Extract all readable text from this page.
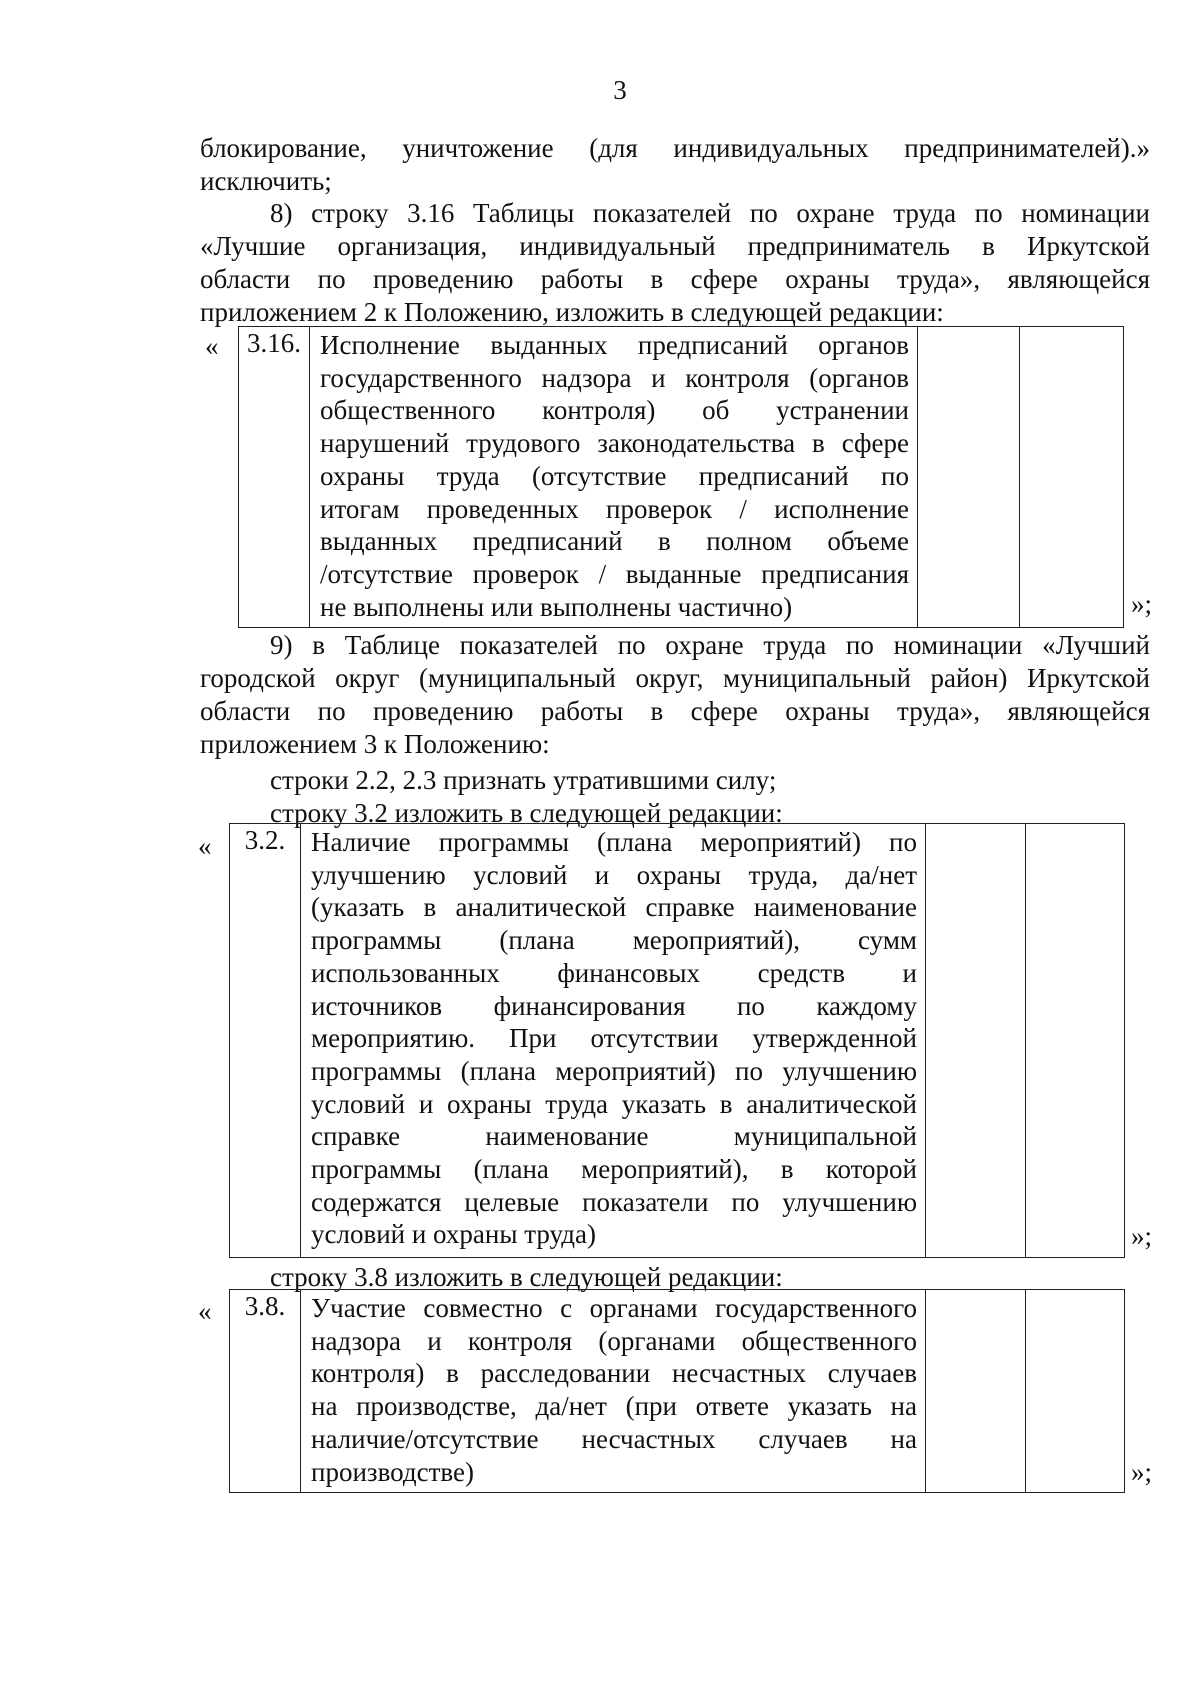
3
блокирование, уничтожение (для индивидуальных предпринимателей).»
исключить;
8) строку 3.16 Таблицы показателей по охране труда по номинации
«Лучшие организация, индивидуальный предприниматель в Иркутской
области по проведению работы в сфере охраны труда», являющейся
приложением 2 к Положению, изложить в следующей редакции:
« 3.16.	Исполнение выданных предписаний органов
государственного надзора и контроля (органов
общественного контроля) об устранении
нарушений трудового законодательства в сфере
охраны труда (отсутствие предписаний по
итогам проведенных проверок / исполнение
выданных предписаний в полном объеме
/отсутствие проверок / выданные предписания
не выполнены или выполнены частично)
			»;
9) в Таблице показателей по охране труда по номинации «Лучший
городской округ (муниципальный округ, муниципальный район) Иркутской
области по проведению работы в сфере охраны труда», являющейся
приложением 3 к Положению:
строки 2.2, 2.3 признать утратившими силу;
строку 3.2 изложить в следующей редакции:
« 3.2.	Наличие программы (плана мероприятий) по
улучшению условий и охраны труда, да/нет
(указать в аналитической справке наименование
программы (плана мероприятий), сумм
использованных финансовых средств и
источников финансирования по каждому
мероприятию. При отсутствии утвержденной
программы (плана мероприятий) по улучшению
условий и охраны труда указать в аналитической
справке наименование муниципальной
программы (плана мероприятий), в которой
содержатся целевые показатели по улучшению
условий и охраны труда)
			»;
строку 3.8 изложить в следующей редакции:
« 3.8.	Участие совместно с органами государственного
надзора и контроля (органами общественного
контроля) в расследовании несчастных случаев
на производстве, да/нет (при ответе указать на
наличие/отсутствие несчастных случаев на
производстве)
			»;
